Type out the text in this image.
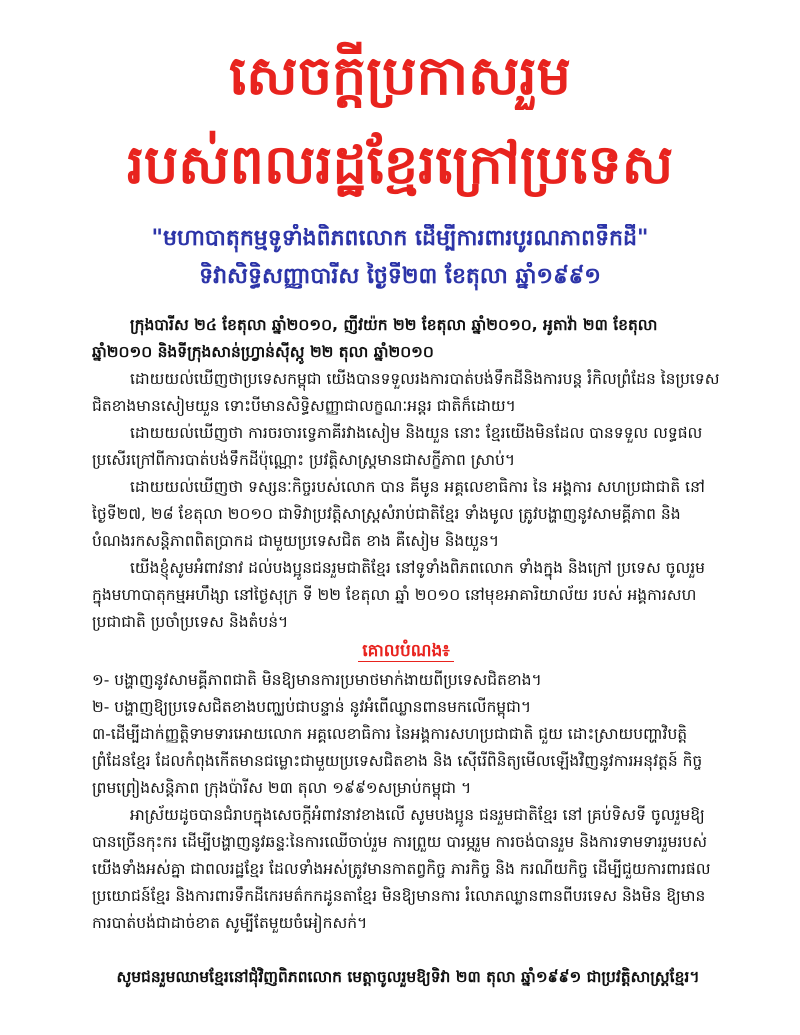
សេចក្តីប្រកាសរួម
របស់ពលរដ្ឋខ្មែរក្រៅប្រទេស
"មហាបាតុកម្មទូទាំងពិភពលោក ដើម្បីការពារបូរណភាពទឹកដី"
ទិវាសិទ្ធិសញ្ញាបារីស ថ្ងៃទី២៣ ខែតុលា ឆ្នាំ១៩៩១

ក្រុងបារីស ២៤ ខែតុលា ឆ្នាំ២០១០, ញីវយ៉ក ២២ ខែតុលា ឆ្នាំ២០១០, អូតាវ៉ា ២៣ ខែតុលា ឆ្នាំ២០១០ និងទីក្រុងសាន់ហ្វ្រាន់ស៊ីស្កូ ២២ តុលា ឆ្នាំ២០១០

ដោយយល់ឃើញថាប្រទេសកម្ពុជា យើងបានទទួលរងការបាត់បង់ទឹកដីនិងការបន្ត រំកិលព្រំដែន នៃប្រទេសជិតខាងមានសៀមយួន ទោះបីមានសិទ្ធិសញ្ញាជាលក្ខណៈអន្តរ ជាតិក៏ដោយ។

ដោយយល់ឃើញថា ការចរចារទេ្វភាគីរវាងសៀម និងយួន នោះ ខ្មែរយើងមិនដែល បានទទួល លទ្ធផលប្រសើរក្រៅពីការបាត់បង់ទឹកដីប៉ុណ្ណោះ ប្រវត្តិសាស្ត្រមានជាសក្ខីភាព ស្រាប់។

ដោយយល់ឃើញថា ទស្សនៈកិច្ចរបស់លោក បាន គីមូន អគ្គលេខាធិការ នៃ អង្គការ សហប្រជាជាតិ នៅថ្ងៃទី២៧, ២៨ ខែតុលា ២០១០ ជាទិវាប្រវត្តិសាស្ត្រសំរាប់ជាតិខ្មែរ ទាំងមូល ត្រូវបង្ហាញនូវសាមគ្គីភាព និងបំណងរកសន្តិភាពពិតប្រាកដ ជាមួយប្រទេសជិត ខាង គឺសៀម និងយួន។

យើងខ្ញុំសូមអំពាវនាវ ដល់បងប្អូនជនរួមជាតិខ្មែរ នៅទូទាំងពិភពលោក ទាំងក្នុង និងក្រៅ ប្រទេស ចូលរួមក្នុងមហាបាតុកម្មអហឹង្សា នៅថ្ងៃសុក្រ ទី ២២ ខែតុលា ឆ្នាំ ២០១០ នៅមុខអាគារិយាល័យ របស់ អង្គការសហប្រជាជាតិ ប្រចាំប្រទេស និងតំបន់។

គោលបំណង៖

១- បង្ហាញនូវសាមគ្គីភាពជាតិ មិនឱ្យមានការប្រមាថមាក់ងាយពីប្រទេសជិតខាង។

២- បង្ហាញឱ្យប្រទេសជិតខាងបញ្ឈប់ជាបន្ទាន់ នូវអំពើឈ្លានពានមកលើកម្ពុជា។

៣-ដើម្បីដាក់ញ្ញត្តិទាមទារអោយលោក អគ្គលេខាធិការ នៃអង្គការសហប្រជាជាតិ ជួយ ដោះស្រាយបញ្ហាវិបត្តិព្រំដែនខ្មែរ ដែលកំពុងកើតមានជម្លោះជាមួយប្រទេសជិតខាង និង ស៊ើរើពិនិត្យមើលឡើងវិញនូវការអនុវត្តន៍ កិច្ចព្រមព្រៀងសន្តិភាព ក្រុងប៉ារីស ២៣ តុលា ១៩៩១សម្រាប់កម្ពុជា ។

អាស្រ័យដូចបានជំរាបក្នុងសេចក្តីអំពាវនាវខាងលើ សូមបងប្អូន ជនរួមជាតិខ្មែរ នៅ គ្រប់ទិសទី ចូលរួមឱ្យបានច្រើនកុះករ ដើម្បីបង្ហាញនូវឆន្ទៈនៃការឈើចាប់រួម ការព្រួយ បារម្ភរួម ការចង់បានរួម និងការទាមទាររួមរបស់យើងទាំងអស់គ្នា ជាពលរដ្ឋខ្មែរ ដែលទាំងអស់ត្រូវមានកាតព្វកិច្ច ភារកិច្ច និង ករណីយកិច្ច ដើម្បីជួយការពារផលប្រយោជន៍ខ្មែរ និងការពារទឹកដីកេរមត៌កកដូនតាខ្មែរ មិនឱ្យមានការ រំលោភឈ្លានពានពីបរទេស និងមិន ឱ្យមានការបាត់បង់ជាដាច់ខាត សូម្បីតែមួយចំអៀកសក់។

សូមជនរួមឈាមខ្មែរនៅជុំវិញពិភពលោក មេត្តាចូលរួមឱ្យទិវា ២៣ តុលា ឆ្នាំ១៩៩១ ជាប្រវត្តិសាស្ត្រខ្មែរ។
